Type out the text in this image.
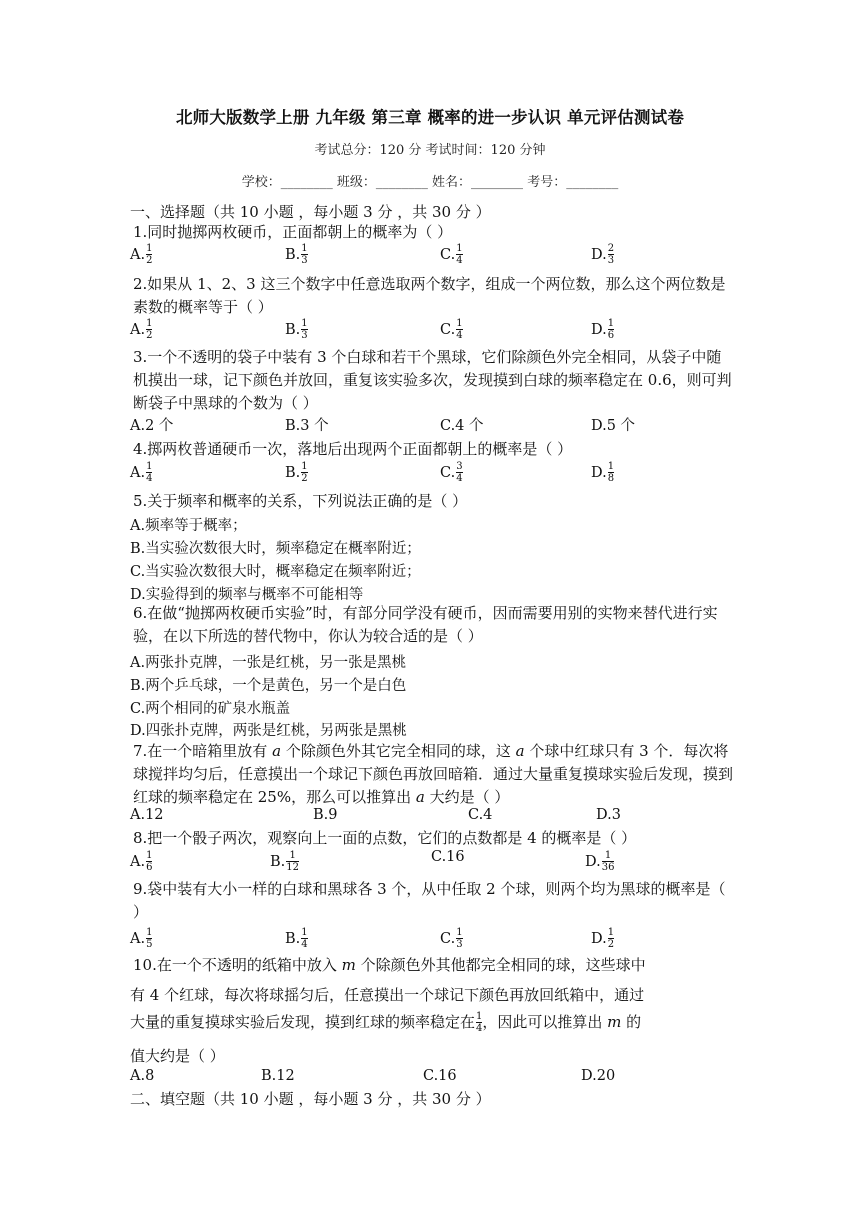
北师大版数学上册 九年级 第三章 概率的进一步认识 单元评估测试卷
考试总分：120 分 考试时间：120 分钟
学校：________ 班级：________ 姓名：________ 考号：________
一、选择题（共 10 小题 ，每小题 3 分 ，共 30 分 ）
1.同时抛掷两枚硬币，正面都朝上的概率为（ ）
A. $\frac{1}{2}$	B. $\frac{1}{3}$	C. $\frac{1}{4}$	D. $\frac{2}{3}$
2.如果从 1、2、3 这三个数字中任意选取两个数字，组成一个两位数，那么这个两位数是素数的概率等于（ ）
A. $\frac{1}{2}$	B. $\frac{1}{3}$	C. $\frac{1}{4}$	D. $\frac{1}{6}$
3.一个不透明的袋子中装有 3 个白球和若干个黑球，它们除颜色外完全相同，从袋子中随机摸出一球，记下颜色并放回，重复该实验多次，发现摸到白球的频率稳定在 0.6，则可判断袋子中黑球的个数为（ ）
A.2 个	B.3 个	C.4 个	D.5 个
4.掷两枚普通硬币一次，落地后出现两个正面都朝上的概率是（ ）
A. $\frac{1}{4}$	B. $\frac{1}{2}$	C. $\frac{3}{4}$	D. $\frac{1}{8}$
5.关于频率和概率的关系，下列说法正确的是（ ）
A.频率等于概率；
B.当实验次数很大时，频率稳定在概率附近；
C.当实验次数很大时，概率稳定在频率附近；
D.实验得到的频率与概率不可能相等
6.在做“抛掷两枚硬币实验”时，有部分同学没有硬币，因而需要用别的实物来替代进行实验，在以下所选的替代物中，你认为较合适的是（ ）
A.两张扑克牌，一张是红桃，另一张是黑桃
B.两个乒乓球，一个是黄色，另一个是白色
C.两个相同的矿泉水瓶盖
D.四张扑克牌，两张是红桃，另两张是黑桃
7.在一个暗箱里放有 a 个除颜色外其它完全相同的球，这 a 个球中红球只有 3 个．每次将球搅拌均匀后，任意摸出一个球记下颜色再放回暗箱．通过大量重复摸球实验后发现，摸到红球的频率稳定在 25%，那么可以推算出 a 大约是（ ）
A.12	B.9	C.4	D.3
8.把一个骰子两次，观察向上一面的点数，它们的点数都是 4 的概率是（ ）
A. $\frac{1}{6}$	B. $\frac{1}{12}$	C.16	D. $\frac{1}{36}$
9.袋中装有大小一样的白球和黑球各 3 个，从中任取 2 个球，则两个均为黑球的概率是（ ）
A. $\frac{1}{5}$	B. $\frac{1}{4}$	C. $\frac{1}{3}$	D. $\frac{1}{2}$
10.在一个不透明的纸箱中放入 m 个除颜色外其他都完全相同的球，这些球中
有 4 个红球，每次将球摇匀后，任意摸出一个球记下颜色再放回纸箱中，通过
大量的重复摸球实验后发现，摸到红球的频率稳定在 $\frac{1}{4}$ ，因此可以推算出 m 的
值大约是（ ）
A.8	B.12	C.16	D.20
二、填空题（共 10 小题 ，每小题 3 分 ，共 30 分 ）
